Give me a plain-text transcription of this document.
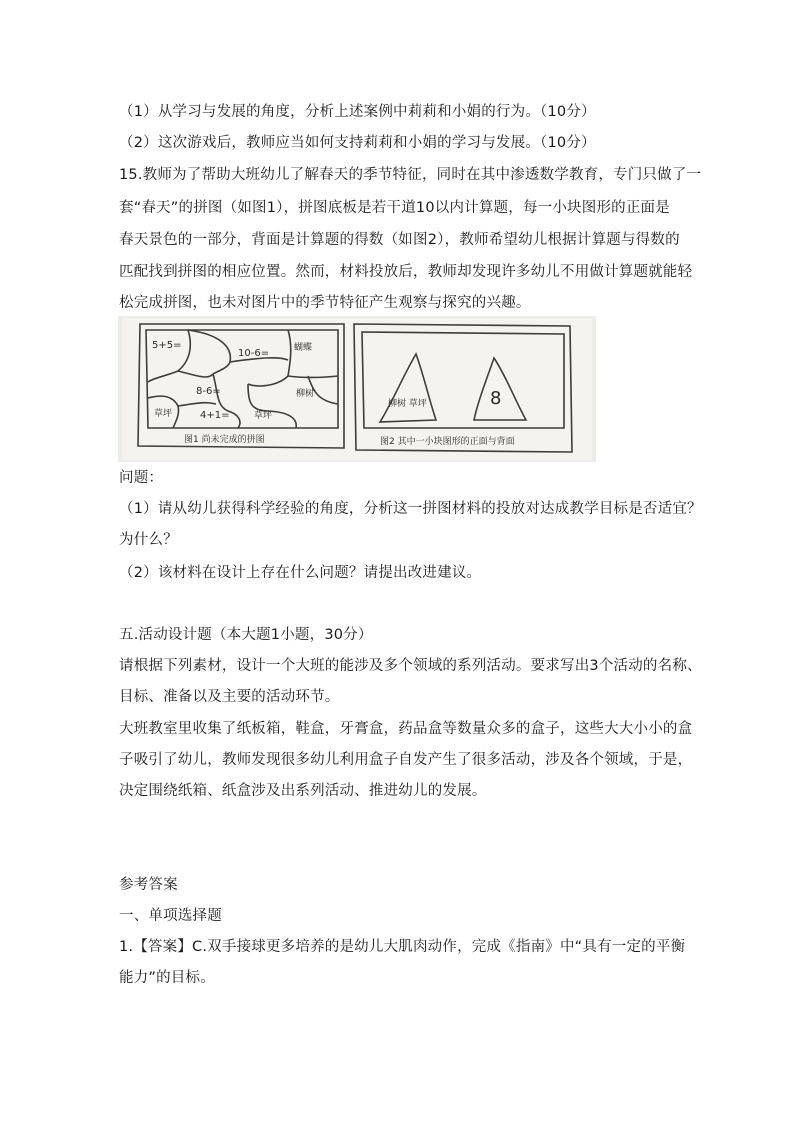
（1）从学习与发展的角度，分析上述案例中莉莉和小娟的行为。（10分）
（2）这次游戏后，教师应当如何支持莉莉和小娟的学习与发展。（10分）
15.教师为了帮助大班幼儿了解春天的季节特征，同时在其中渗透数学教育，专门只做了一
套“春天”的拼图（如图1），拼图底板是若干道10以内计算题，每一小块图形的正面是
春天景色的一部分，背面是计算题的得数（如图2），教师希望幼儿根据计算题与得数的
匹配找到拼图的相应位置。然而，材料投放后，教师却发现许多幼儿不用做计算题就能轻
松完成拼图，也未对图片中的季节特征产生观察与探究的兴趣。
5+5=
10-6=
8-6=
4+1=
草坪	草坪
柳树
蝴蝶
图1 尚未完成的拼图
柳树 草坪	8
图2 其中一小块图形的正面与背面
问题：
（1）请从幼儿获得科学经验的角度，分析这一拼图材料的投放对达成教学目标是否适宜？
为什么？
（2）该材料在设计上存在什么问题？请提出改进建议。
五.活动设计题（本大题1小题，30分）
请根据下列素材，设计一个大班的能涉及多个领域的系列活动。要求写出3个活动的名称、
目标、准备以及主要的活动环节。
大班教室里收集了纸板箱，鞋盒，牙膏盒，药品盒等数量众多的盒子，这些大大小小的盒
子吸引了幼儿，教师发现很多幼儿利用盒子自发产生了很多活动，涉及各个领域，于是，
决定围绕纸箱、纸盒涉及出系列活动、推进幼儿的发展。
参考答案
一、单项选择题
1.【答案】C.双手接球更多培养的是幼儿大肌肉动作，完成《指南》中“具有一定的平衡
能力”的目标。
